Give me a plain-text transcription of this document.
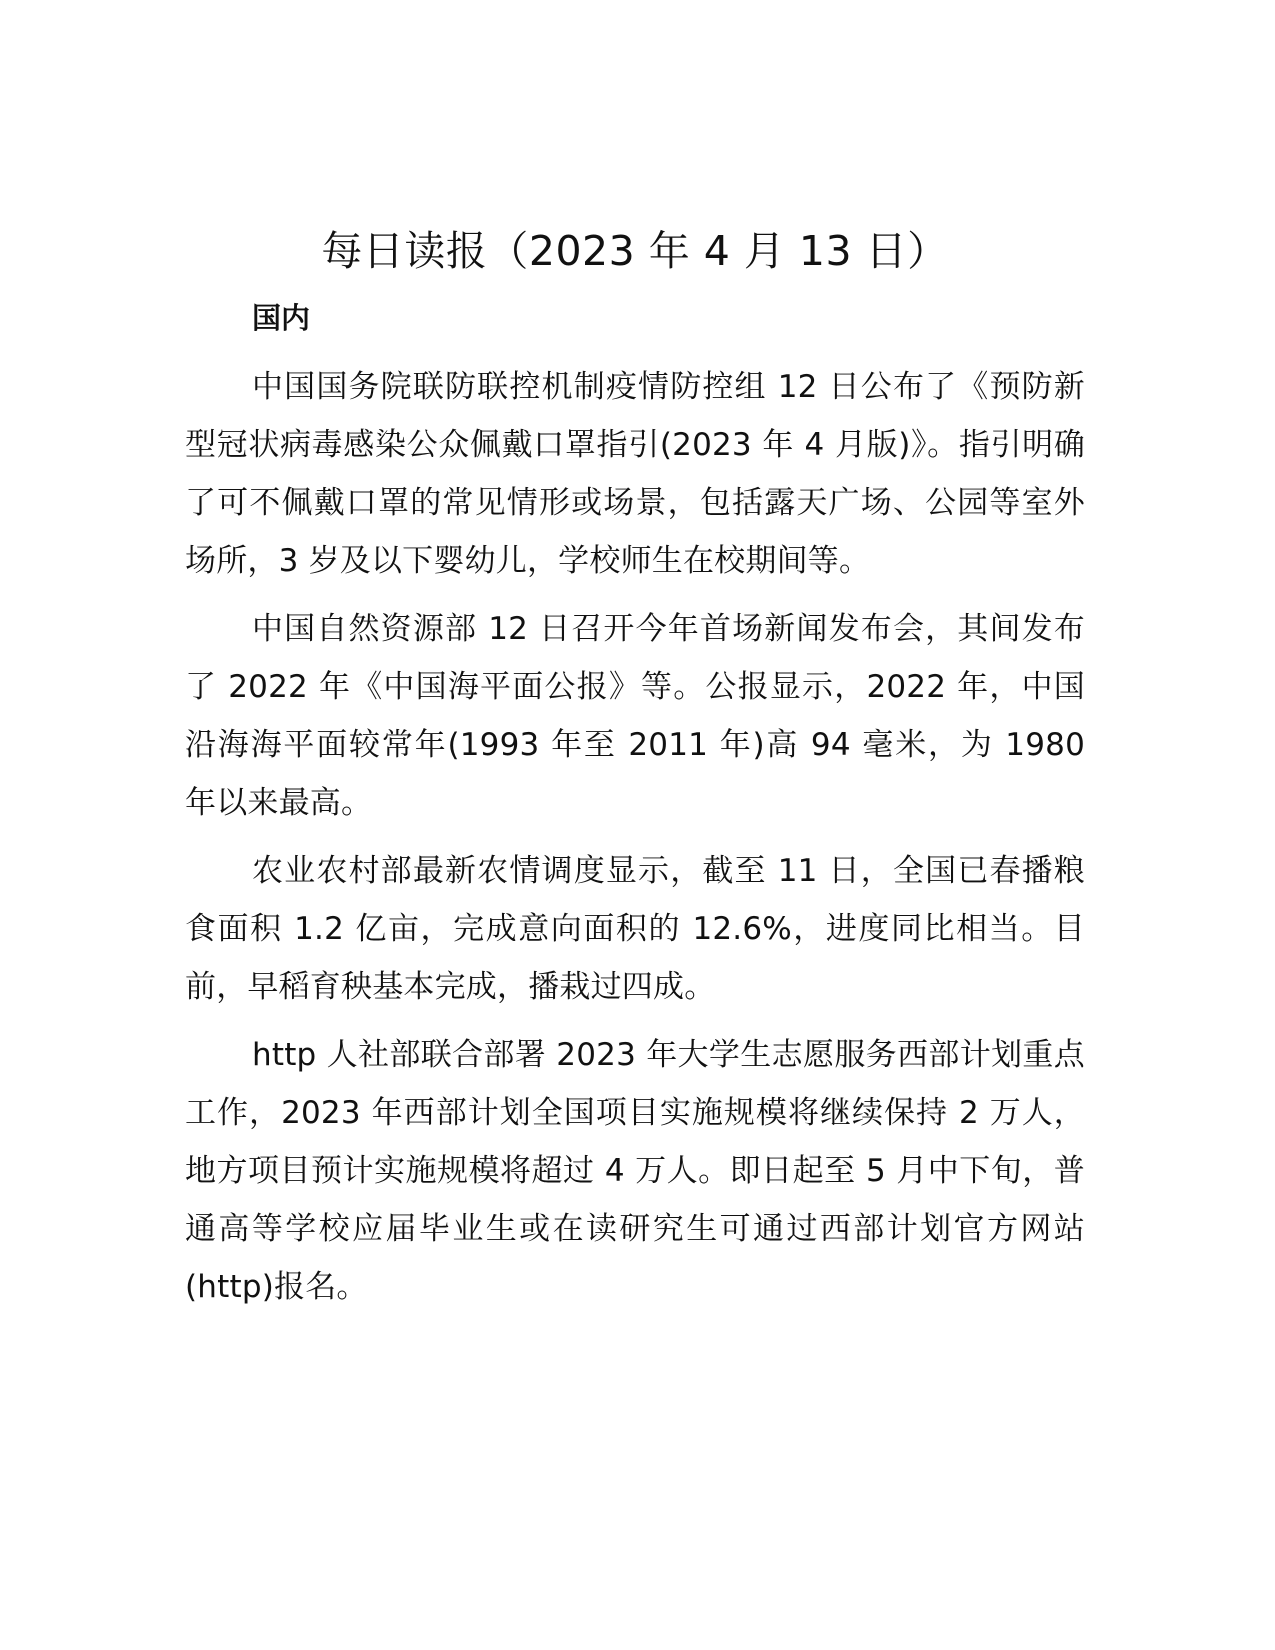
每日读报（2023 年 4 月 13 日）
国内

中国国务院联防联控机制疫情防控组 12 日公布了《预防新型冠状病毒感染公众佩戴口罩指引(2023 年 4 月版)》。指引明确了可不佩戴口罩的常见情形或场景，包括露天广场、公园等室外场所，3 岁及以下婴幼儿，学校师生在校期间等。

中国自然资源部 12 日召开今年首场新闻发布会，其间发布了 2022 年《中国海平面公报》等。公报显示，2022 年，中国沿海海平面较常年(1993 年至 2011 年)高 94 毫米，为 1980 年以来最高。

农业农村部最新农情调度显示，截至 11 日，全国已春播粮食面积 1.2 亿亩，完成意向面积的 12.6%，进度同比相当。目前，早稻育秧基本完成，播栽过四成。

http 人社部联合部署 2023 年大学生志愿服务西部计划重点工作，2023 年西部计划全国项目实施规模将继续保持 2 万人，地方项目预计实施规模将超过 4 万人。即日起至 5 月中下旬，普通高等学校应届毕业生或在读研究生可通过西部计划官方网站(http)报名。
